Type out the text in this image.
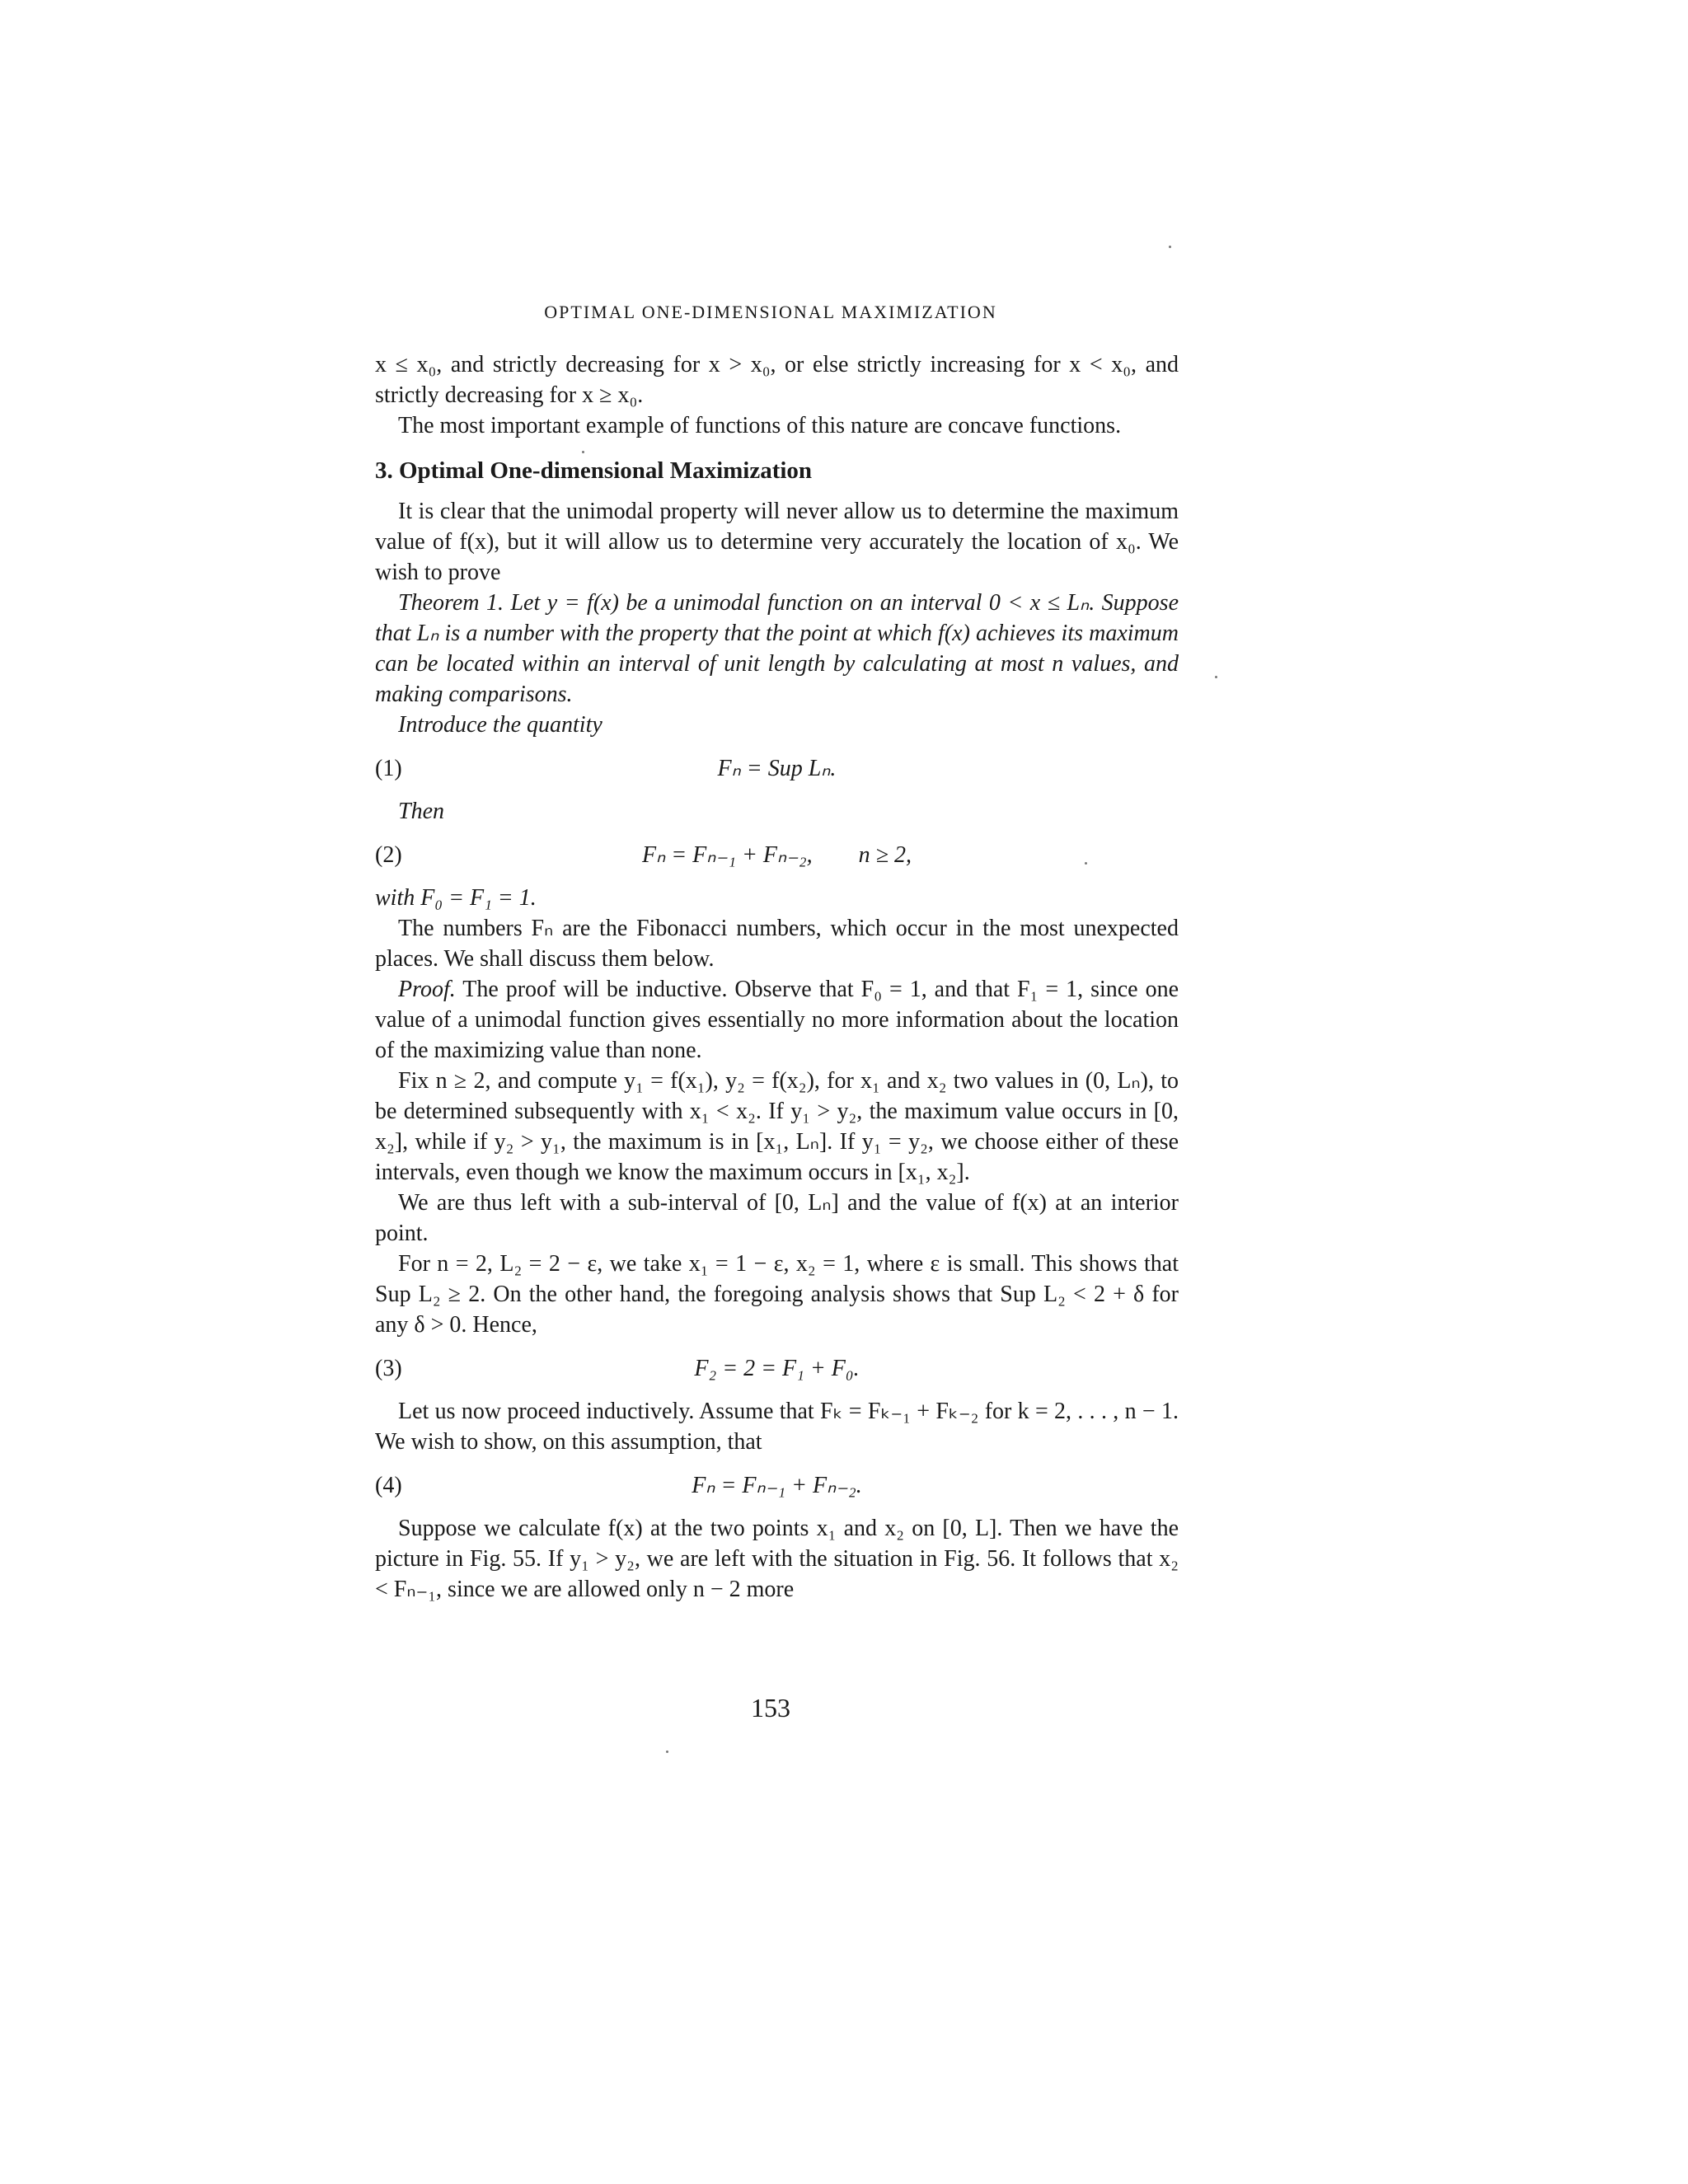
OPTIMAL ONE-DIMENSIONAL MAXIMIZATION

x ≤ x₀, and strictly decreasing for x > x₀, or else strictly increasing for x < x₀, and strictly decreasing for x ≥ x₀.

The most important example of functions of this nature are concave functions.

3. Optimal One-dimensional Maximization

It is clear that the unimodal property will never allow us to determine the maximum value of f(x), but it will allow us to determine very accurately the location of x₀. We wish to prove

Theorem 1. Let y = f(x) be a unimodal function on an interval 0 < x ≤ Lₙ. Suppose that Lₙ is a number with the property that the point at which f(x) achieves its maximum can be located within an interval of unit length by calculating at most n values, and making comparisons.

Introduce the quantity

(1)	Fₙ = Sup Lₙ.

Then

(2)	Fₙ = Fₙ₋₁ + Fₙ₋₂,        n ≥ 2,

with F₀ = F₁ = 1.

The numbers Fₙ are the Fibonacci numbers, which occur in the most unexpected places. We shall discuss them below.

Proof. The proof will be inductive. Observe that F₀ = 1, and that F₁ = 1, since one value of a unimodal function gives essentially no more information about the location of the maximizing value than none.

Fix n ≥ 2, and compute y₁ = f(x₁), y₂ = f(x₂), for x₁ and x₂ two values in (0, Lₙ), to be determined subsequently with x₁ < x₂. If y₁ > y₂, the maximum value occurs in [0, x₂], while if y₂ > y₁, the maximum is in [x₁, Lₙ]. If y₁ = y₂, we choose either of these intervals, even though we know the maximum occurs in [x₁, x₂].

We are thus left with a sub-interval of [0, Lₙ] and the value of f(x) at an interior point.

For n = 2, L₂ = 2 − ε, we take x₁ = 1 − ε, x₂ = 1, where ε is small. This shows that Sup L₂ ≥ 2. On the other hand, the foregoing analysis shows that Sup L₂ < 2 + δ for any δ > 0. Hence,

(3)	F₂ = 2 = F₁ + F₀.

Let us now proceed inductively. Assume that Fₖ = Fₖ₋₁ + Fₖ₋₂ for k = 2, . . . , n − 1. We wish to show, on this assumption, that

(4)	Fₙ = Fₙ₋₁ + Fₙ₋₂.

Suppose we calculate f(x) at the two points x₁ and x₂ on [0, L]. Then we have the picture in Fig. 55. If y₁ > y₂, we are left with the situation in Fig. 56. It follows that x₂ < Fₙ₋₁, since we are allowed only n − 2 more

153
